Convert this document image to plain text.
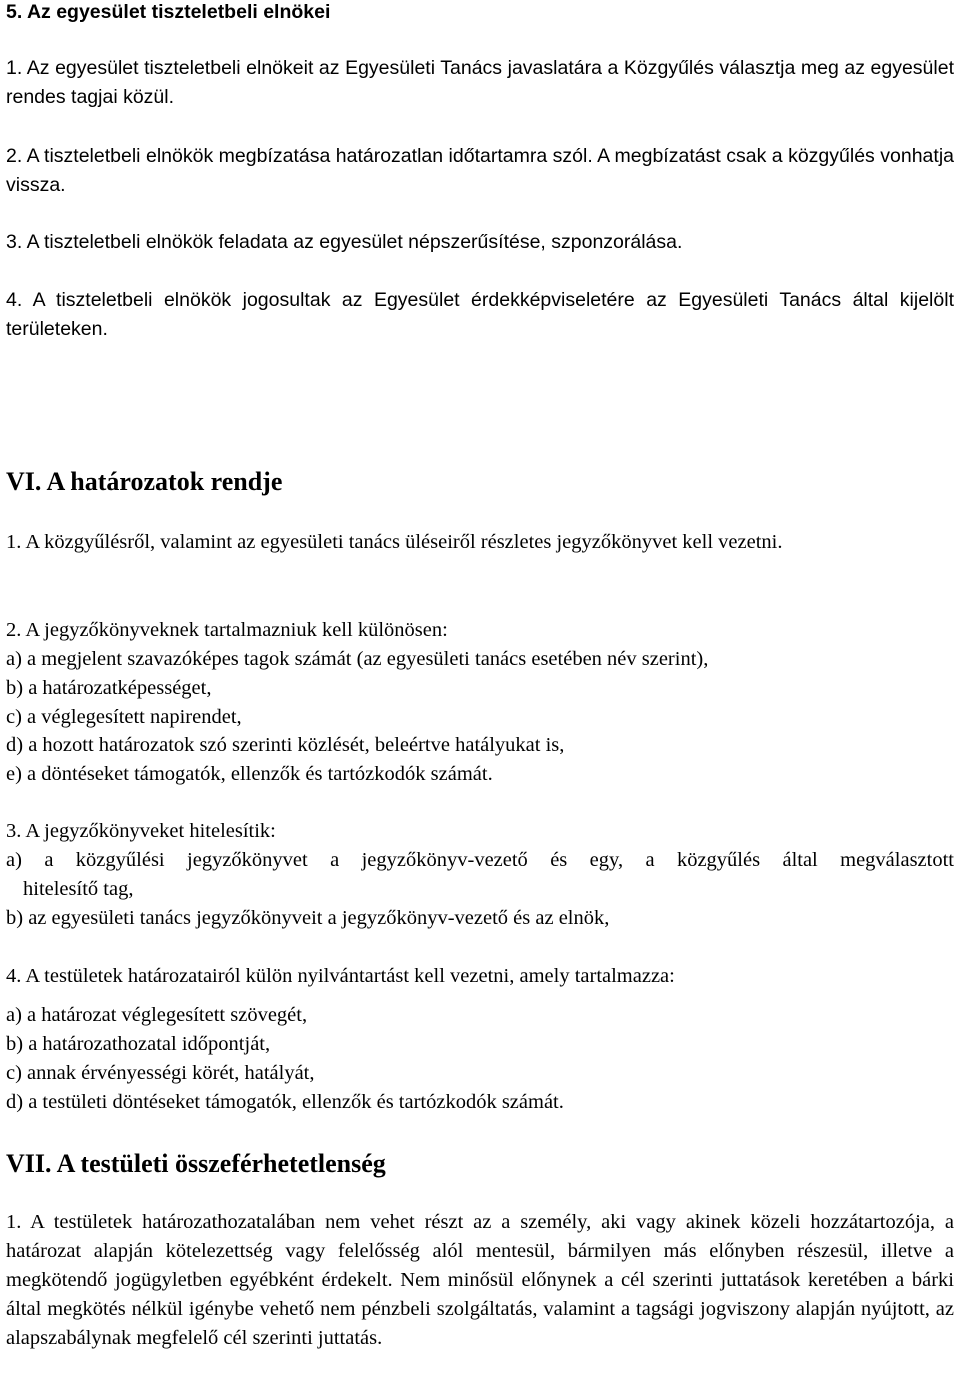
5. Az egyesület tiszteletbeli elnökei
1. Az egyesület tiszteletbeli elnökeit az Egyesületi Tanács javaslatára a Közgyűlés választja meg az egyesület rendes tagjai közül.
2. A tiszteletbeli elnökök megbízatása határozatlan időtartamra szól. A megbízatást csak a közgyűlés vonhatja vissza.
3. A tiszteletbeli elnökök feladata az egyesület népszerűsítése, szponzorálása.
4. A tiszteletbeli elnökök jogosultak az Egyesület érdekképviseletére az Egyesületi Tanács által kijelölt területeken.
VI. A határozatok rendje
1. A közgyűlésről, valamint az egyesületi tanács üléseiről részletes jegyzőkönyvet kell vezetni.
2. A jegyzőkönyveknek tartalmazniuk kell különösen:
a) a megjelent szavazóképes tagok számát (az egyesületi tanács esetében név szerint),
b) a határozatképességet,
c) a véglegesített napirendet,
d) a hozott határozatok szó szerinti közlését, beleértve hatályukat is,
e) a döntéseket támogatók, ellenzők és tartózkodók számát.
3. A jegyzőkönyveket hitelesítik:
a) a közgyűlési jegyzőkönyvet a jegyzőkönyv-vezető és egy, a közgyűlés által megválasztott
hitelesítő tag,
b) az egyesületi tanács jegyzőkönyveit a jegyzőkönyv-vezető és az elnök,
4. A testületek határozatairól külön nyilvántartást kell vezetni, amely tartalmazza:
a) a határozat véglegesített szövegét,
b) a határozathozatal időpontját,
c) annak érvényességi körét, hatályát,
d) a testületi döntéseket támogatók, ellenzők és tartózkodók számát.
VII. A testületi összeférhetetlenség
1. A testületek határozathozatalában nem vehet részt az a személy, aki vagy akinek közeli hozzátartozója, a határozat alapján kötelezettség vagy felelősség alól mentesül, bármilyen más előnyben részesül, illetve a megkötendő jogügyletben egyébként érdekelt. Nem minősül előnynek a cél szerinti juttatások keretében a bárki által megkötés nélkül igénybe vehető nem pénzbeli szolgáltatás, valamint a tagsági jogviszony alapján nyújtott, az alapszabálynak megfelelő cél szerinti juttatás.
